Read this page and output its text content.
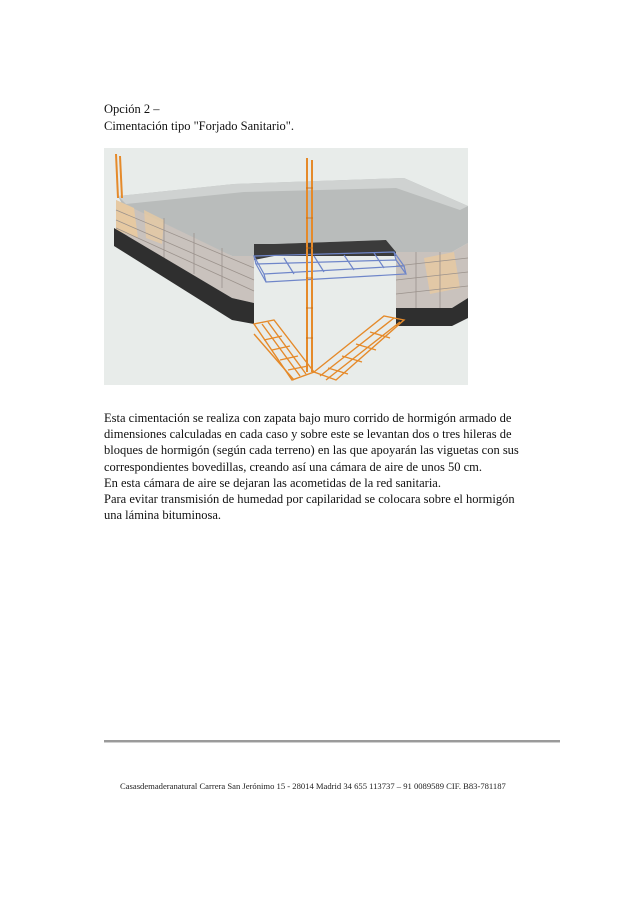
Opción 2 –
Cimentación tipo "Forjado Sanitario".
Esta cimentación se realiza con zapata bajo muro corrido de hormigón armado de
dimensiones calculadas en cada caso y sobre este se levantan dos o tres hileras de
bloques de hormigón (según cada terreno) en las que apoyarán las viguetas con sus
correspondientes bovedillas, creando así una cámara de aire de unos 50 cm.
En esta cámara de aire se dejaran las acometidas de la red sanitaria.
Para evitar transmisión de humedad por capilaridad se colocara sobre el hormigón
una lámina bituminosa.
Casasdemaderanatural Carrera San Jerónimo 15 - 28014 Madrid 34 655 113737 – 91 0089589 CIF. B83-781187
